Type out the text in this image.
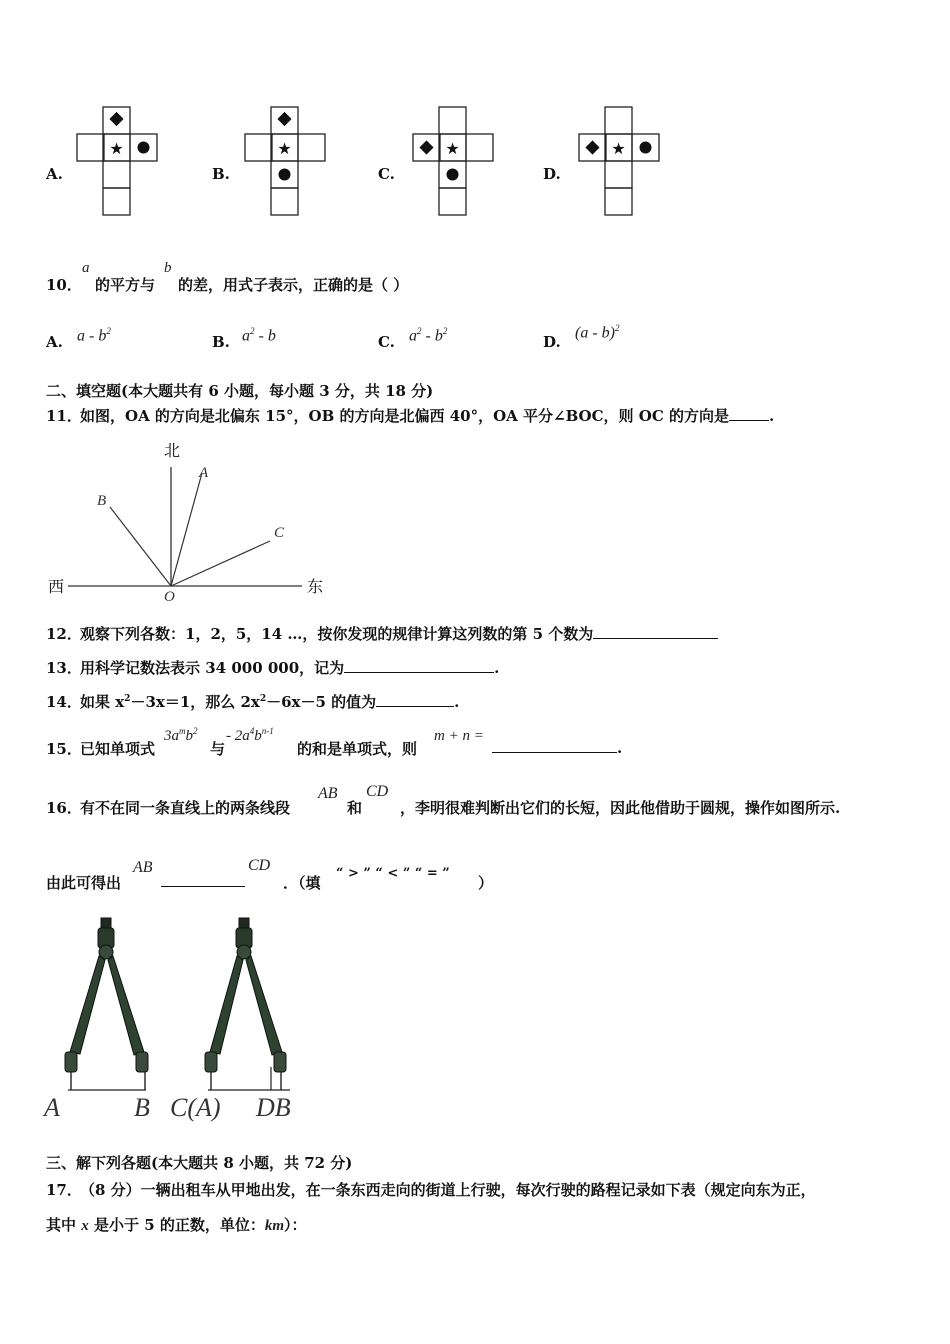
A.
★
B.
★
C.
★
D.
★
10．
a
的平方与
b
的差，用式子表示，正确的是（ ）
A. a - $b^2$
B. $a^2$ - b	C. $a^2 - b^2$
D.
(a - b)$^2$
二、填空题(本大题共有 6 小题，每小题 3 分，共 18 分)
11．
如图，OA 的方向是北偏东 15°，OB 的方向是北偏西 40°，OA 平分∠BOC，则 OC 的方向是	.
北
西	东
O
A
B
C
12．
观察下列各数：1，2，5，14 …，按你发现的规律计算这列数的第 5 个数为
13．
用科学记数法表示 34 000 000，记为	.
14．
如果 $x^2-3x=1$，那么 $2x^2-6x-5$ 的值为	.
15．
已知单项式
$3a^mb^2$
与
- $2a^4b^{n-1}$
的和是单项式，则
m + n =
.
16．
有不在同一条直线上的两条线段
AB
和
CD
，李明很难判断出它们的长短，因此他借助于圆规，操作如图所示.
由此可得出
AB	CD
．（填
“ > ” “ < ” “ = ”
）
A	B C(A) DB
三、解下列各题(本大题共 8 小题，共 72 分)
17．
（8 分）一辆出租车从甲地出发，在一条东西走向的街道上行驶，每次行驶的路程记录如下表（规定向东为正，
其中 x 是小于 5 的正数，单位：km）：
